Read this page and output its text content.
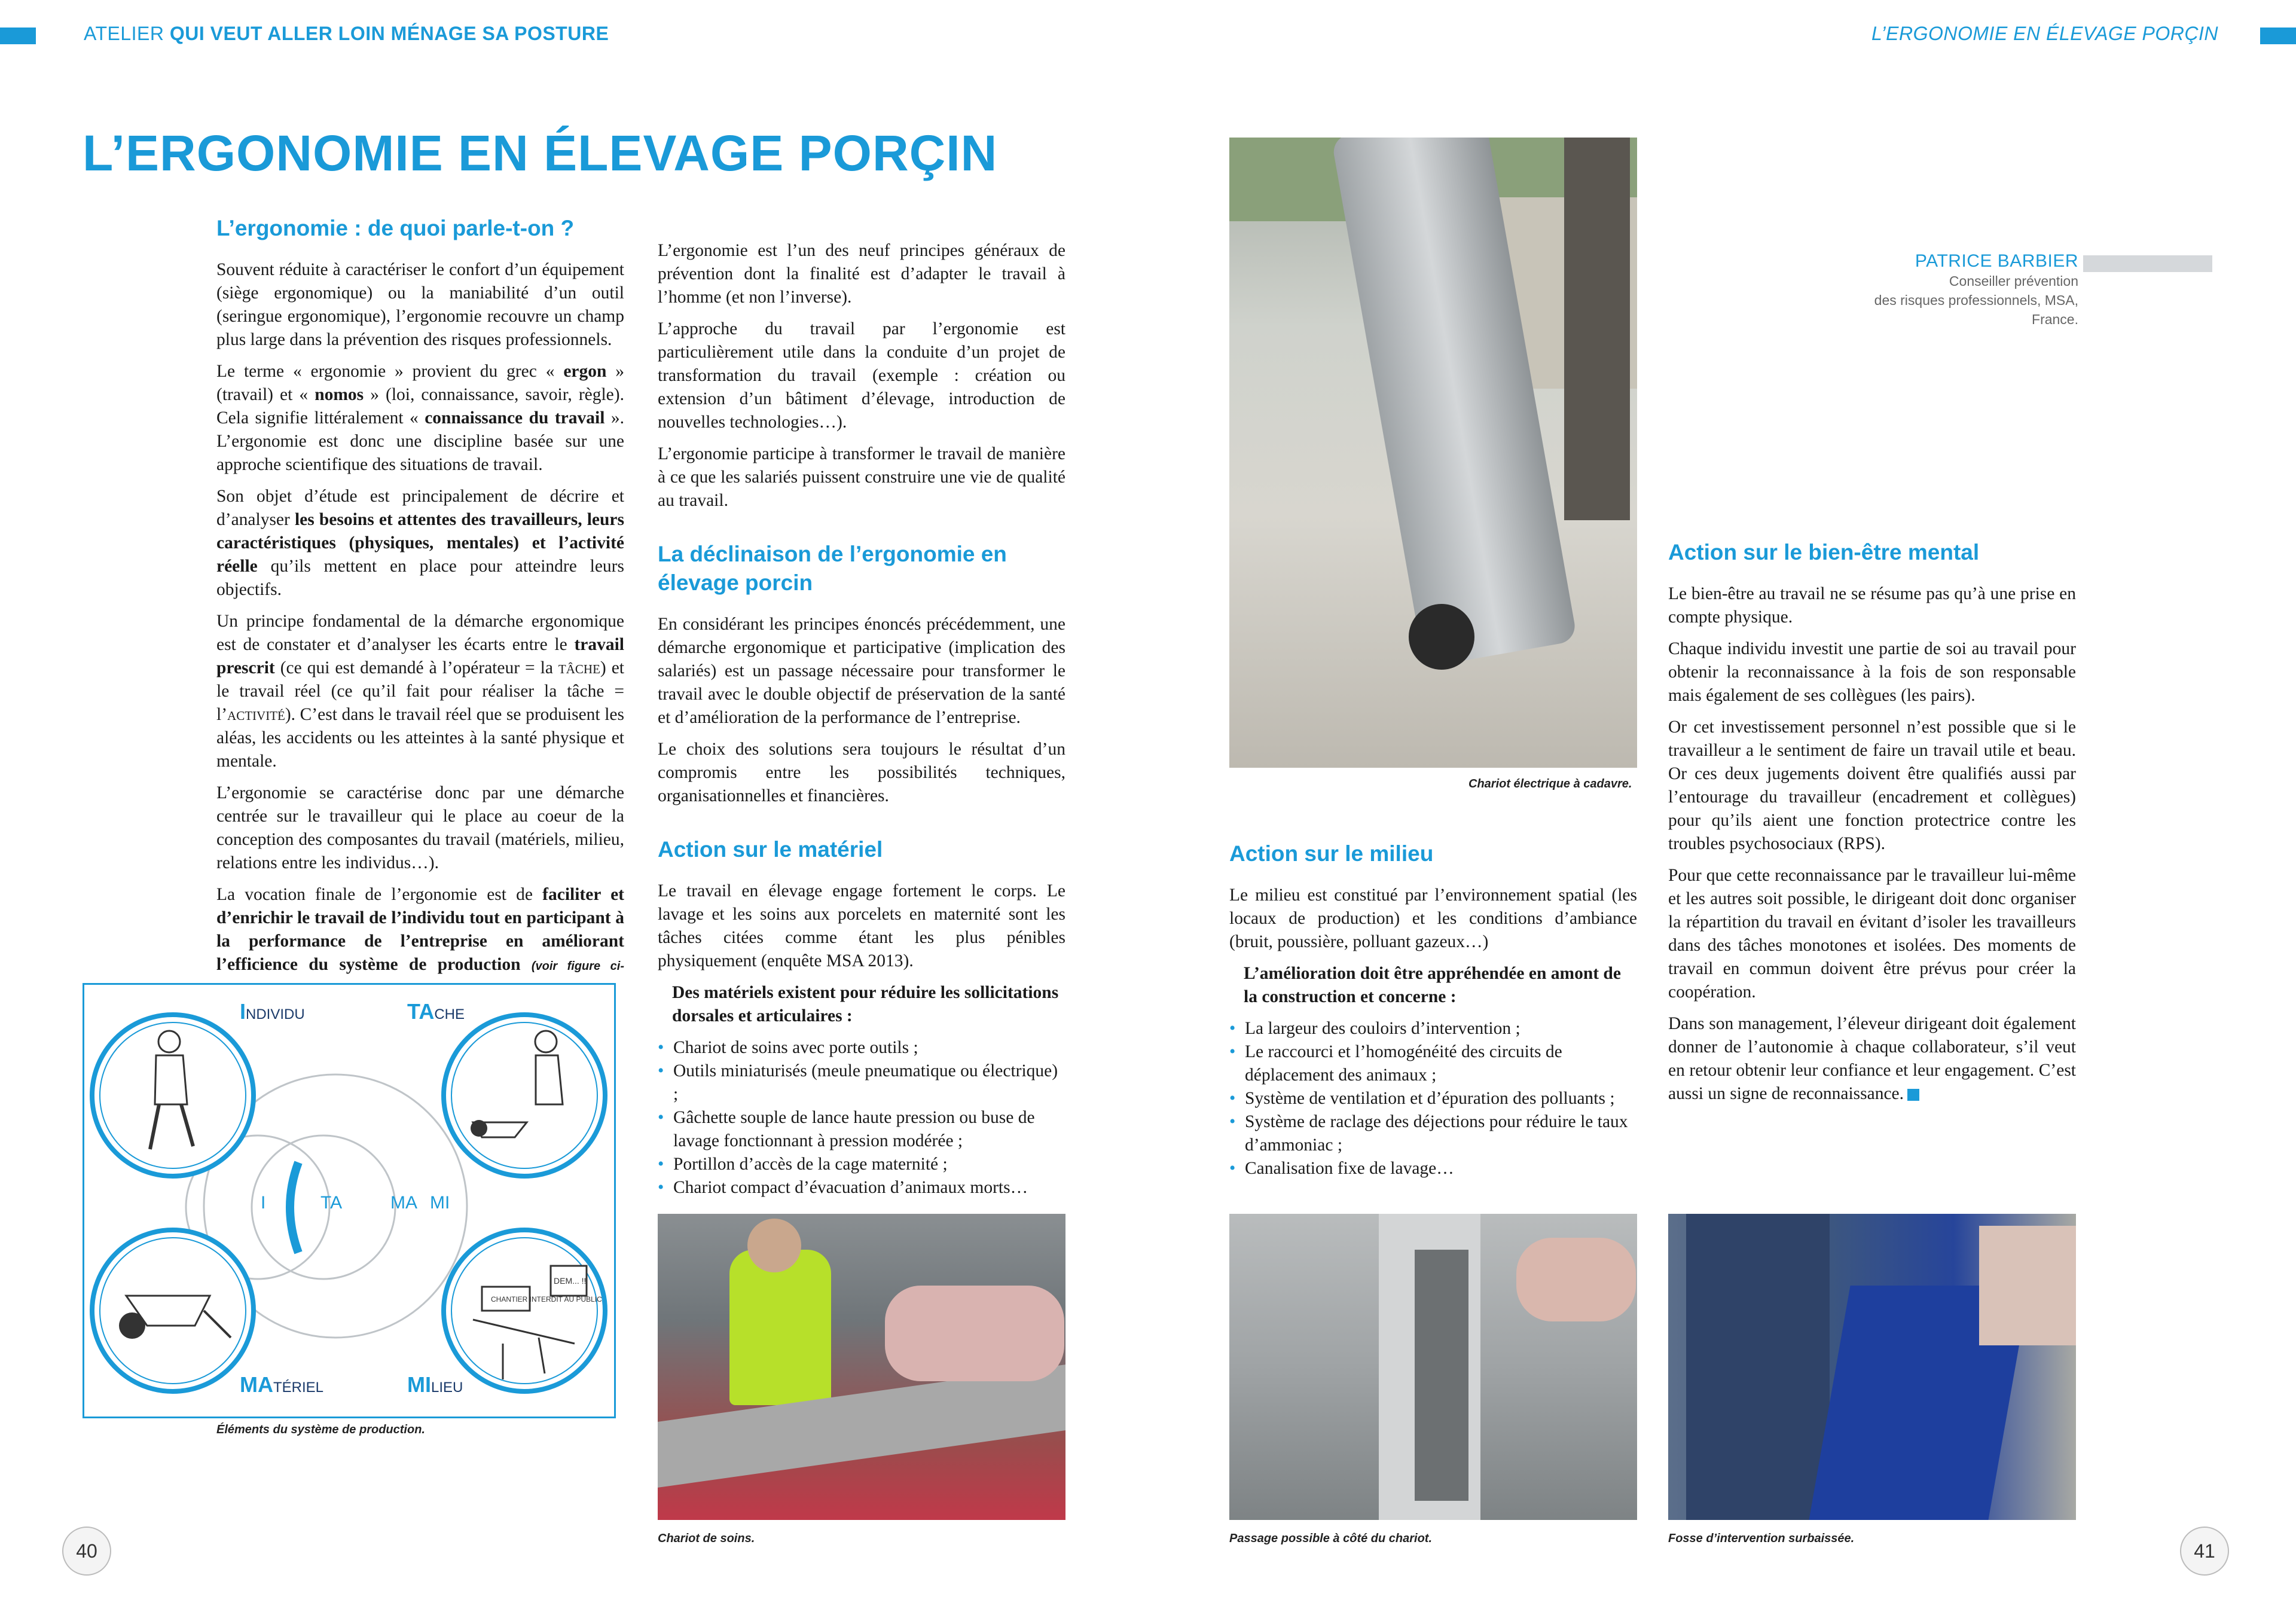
ATELIER QUI VEUT ALLER LOIN MÉNAGE SA POSTURE	L’ERGONOMIE EN ÉLEVAGE PORÇIN
L’ERGONOMIE EN ÉLEVAGE PORÇIN
L’ergonomie : de quoi parle-t-on ?

Souvent réduite à caractériser le confort d’un équipement (siège ergonomique) ou la maniabilité d’un outil (seringue ergonomique), l’ergonomie recouvre un champ plus large dans la prévention des risques professionnels.

Le terme « ergonomie » provient du grec « ergon » (travail) et « nomos » (loi, connaissance, savoir, règle). Cela signifie littéralement « connaissance du travail ». L’ergonomie est donc une discipline basée sur une approche scientifique des situations de travail.

Son objet d’étude est principalement de décrire et d’analyser les besoins et attentes des travailleurs, leurs caractéristiques (physiques, mentales) et l’activité réelle qu’ils mettent en place pour atteindre leurs objectifs.

Un principe fondamental de la démarche ergonomique est de constater et d’analyser les écarts entre le travail prescrit (ce qui est demandé à l’opérateur = la tâche) et le travail réel (ce qu’il fait pour réaliser la tâche = l’activité). C’est dans le travail réel que se produisent les aléas, les accidents ou les atteintes à la santé physique et mentale.

L’ergonomie se caractérise donc par une démarche centrée sur le travailleur qui le place au coeur de la conception des composantes du travail (matériels, milieu, relations entre les individus…).

La vocation finale de l’ergonomie est de faciliter et d’enrichir le travail de l’individu tout en participant à la performance de l’entreprise en améliorant l’efficience du système de production (voir figure ci-

I	TA	MA MI
CHANTIER INTERDIT AU PUBLIC
DEM... !!
INDIVIDU	TACHE
MATÉRIEL	MILIEU
Éléments du système de production.

L’ergonomie est l’un des neuf principes généraux de prévention dont la finalité est d’adapter le travail à l’homme (et non l’inverse).

L’approche du travail par l’ergonomie est particulièrement utile dans la conduite d’un projet de transformation du travail (exemple : création ou extension d’un bâtiment d’élevage, introduction de nouvelles technologies…).

L’ergonomie participe à transformer le travail de manière à ce que les salariés puissent construire une vie de qualité au travail.

La déclinaison de l’ergonomie en élevage porcin

En considérant les principes énoncés précédemment, une démarche ergonomique et participative (implication des salariés) est un passage nécessaire pour transformer le travail avec le double objectif de préservation de la santé et d’amélioration de la performance de l’entreprise.

Le choix des solutions sera toujours le résultat d’un compromis entre les possibilités techniques, organisationnelles et financières.

Action sur le matériel

Le travail en élevage engage fortement le corps. Le lavage et les soins aux porcelets en maternité sont les tâches citées comme étant les plus pénibles physiquement (enquête MSA 2013).

Des matériels existent pour réduire les sollicitations dorsales et articulaires :

• Chariot de soins avec porte outils ;
• Outils miniaturisés (meule pneumatique ou électrique) ;
• Gâchette souple de lance haute pression ou buse de lavage fonctionnant à pression modérée ;
• Portillon d’accès de la cage maternité ;
• Chariot compact d’évacuation d’animaux morts…
Chariot de soins.
Chariot électrique à cadavre.
Action sur le milieu

Le milieu est constitué par l’environnement spatial (les locaux de production) et les conditions d’ambiance (bruit, poussière, polluant gazeux…)

L’amélioration doit être appréhendée en amont de la construction et concerne :

• La largeur des couloirs d’intervention ;
• Le raccourci et l’homogénéité des circuits de déplacement des animaux ;
• Système de ventilation et d’épuration des polluants ;
• Système de raclage des déjections pour réduire le taux d’ammoniac ;
• Canalisation fixe de lavage…
Passage possible à côté du chariot.
PATRICE BARBIER
Conseiller prévention
des risques professionnels, MSA,
France.
Action sur le bien-être mental

Le bien-être au travail ne se résume pas qu’à une prise en compte physique.

Chaque individu investit une partie de soi au travail pour obtenir la reconnaissance à la fois de son responsable mais également de ses collègues (les pairs).

Or cet investissement personnel n’est possible que si le travailleur a le sentiment de faire un travail utile et beau. Or ces deux jugements doivent être qualifiés aussi par l’entourage du travailleur (encadrement et collègues) pour qu’ils aient une fonction protectrice contre les troubles psychosociaux (RPS).

Pour que cette reconnaissance par le travailleur lui-même et les autres soit possible, le dirigeant doit donc organiser la répartition du travail en évitant d’isoler les travailleurs dans des tâches monotones et isolées. Des moments de travail en commun doivent être prévus pour créer la coopération.

Dans son management, l’éleveur dirigeant doit également donner de l’autonomie à chaque collaborateur, s’il veut en retour obtenir leur confiance et leur engagement. C’est aussi un signe de reconnaissance.

Fosse d’intervention surbaissée.
40	41
